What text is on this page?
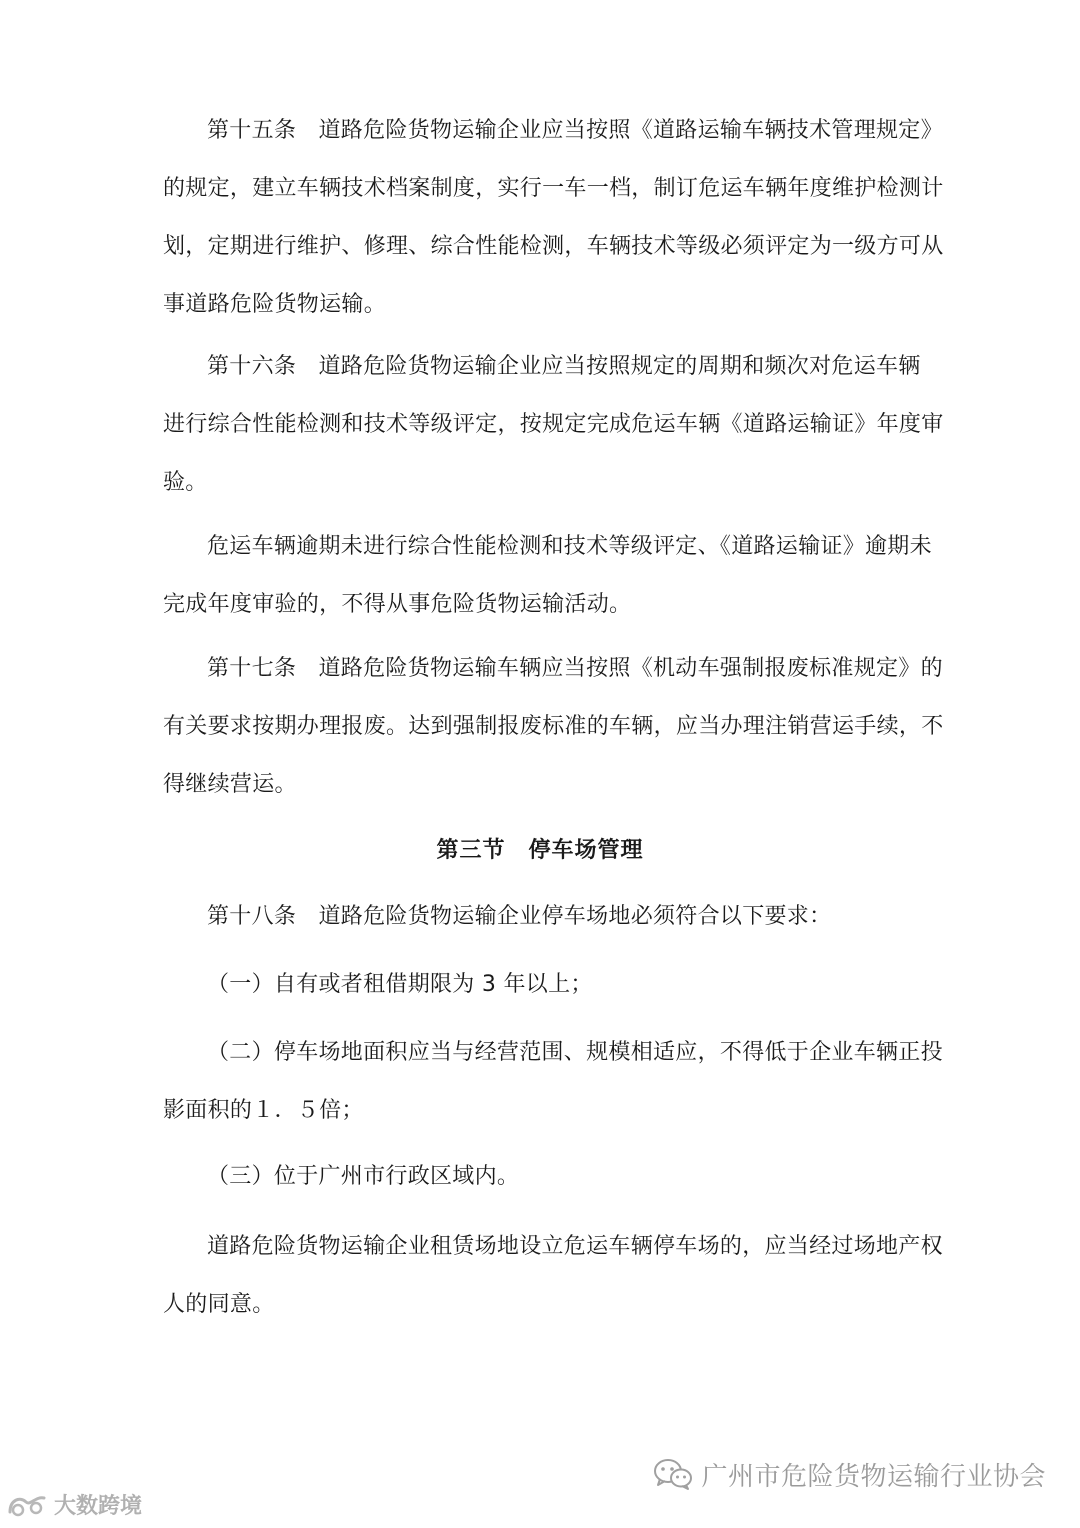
第十五条　道路危险货物运输企业应当按照《道路运输车辆技术管理规定》
的规定，建立车辆技术档案制度，实行一车一档，制订危运车辆年度维护检测计
划，定期进行维护、修理、综合性能检测，车辆技术等级必须评定为一级方可从
事道路危险货物运输。

第十六条　道路危险货物运输企业应当按照规定的周期和频次对危运车辆
进行综合性能检测和技术等级评定，按规定完成危运车辆《道路运输证》年度审
验。

危运车辆逾期未进行综合性能检测和技术等级评定、《道路运输证》逾期未
完成年度审验的，不得从事危险货物运输活动。

第十七条　道路危险货物运输车辆应当按照《机动车强制报废标准规定》的
有关要求按期办理报废。达到强制报废标准的车辆，应当办理注销营运手续，不
得继续营运。

第三节　停车场管理

第十八条　道路危险货物运输企业停车场地必须符合以下要求：

（一）自有或者租借期限为 3 年以上；

（二）停车场地面积应当与经营范围、规模相适应，不得低于企业车辆正投
影面积的１．５倍；

（三）位于广州市行政区域内。

道路危险货物运输企业租赁场地设立危运车辆停车场的，应当经过场地产权
人的同意。

广州市危险货物运输行业协会
大数跨境
